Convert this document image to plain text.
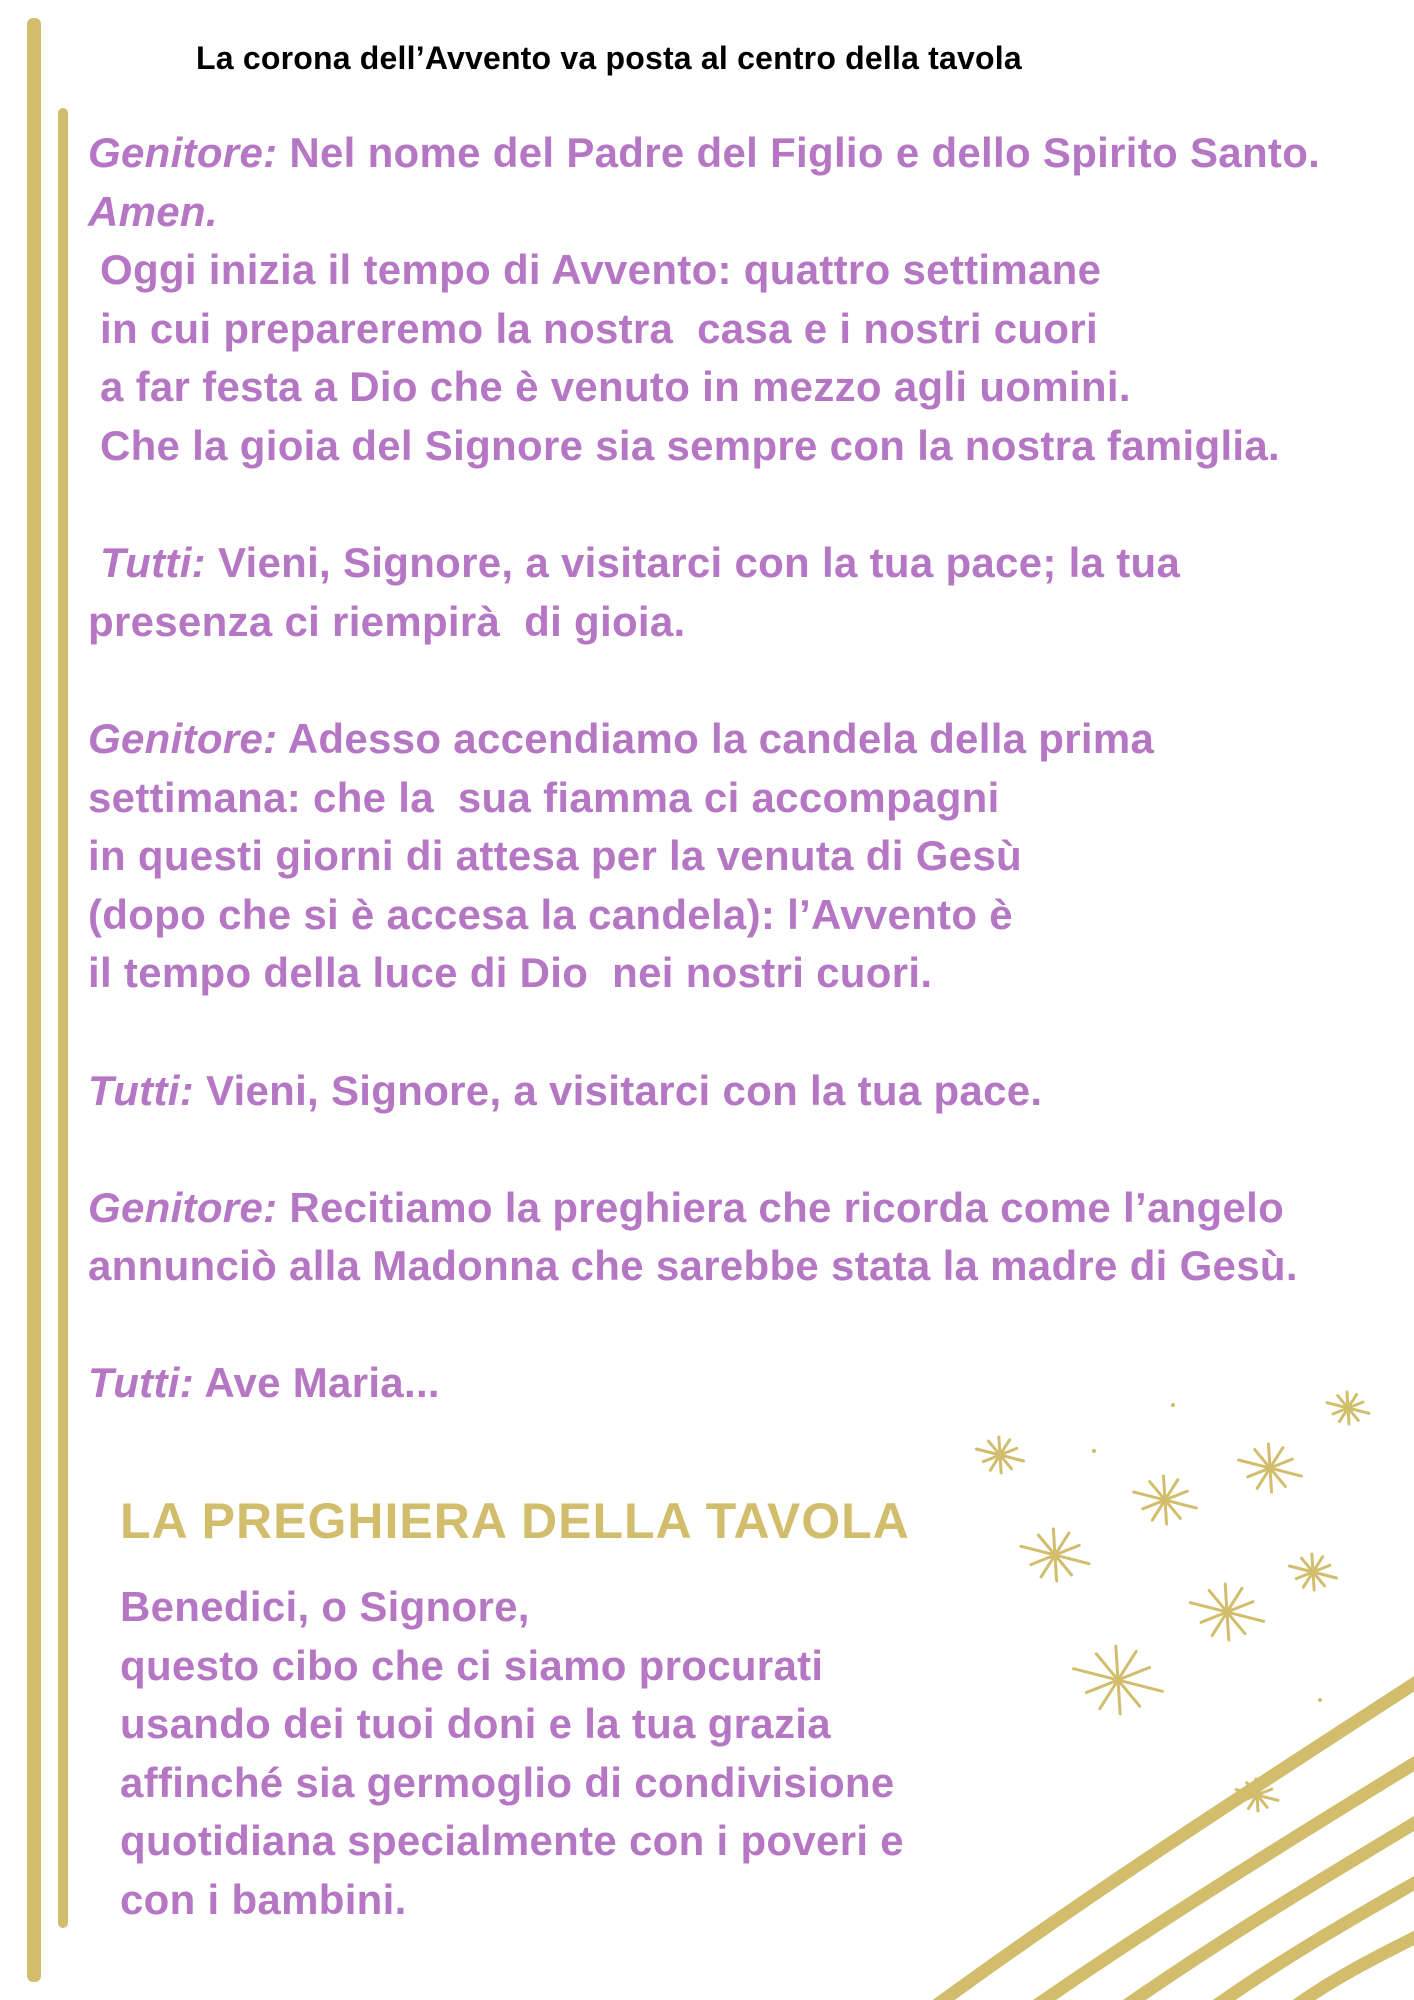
La corona dell’Avvento va posta al centro della tavola
Genitore: Nel nome del Padre del Figlio e dello Spirito Santo.
Amen.
Oggi inizia il tempo di Avvento: quattro settimane
in cui prepareremo la nostra  casa e i nostri cuori
a far festa a Dio che è venuto in mezzo agli uomini.
Che la gioia del Signore sia sempre con la nostra famiglia.
Tutti: Vieni, Signore, a visitarci con la tua pace; la tua
presenza ci riempirà  di gioia.
Genitore: Adesso accendiamo la candela della prima
settimana: che la  sua fiamma ci accompagni
in questi giorni di attesa per la venuta di Gesù
(dopo che si è accesa la candela): l’Avvento è
il tempo della luce di Dio  nei nostri cuori.
Tutti: Vieni, Signore, a visitarci con la tua pace.
Genitore: Recitiamo la preghiera che ricorda come l’angelo
annunciò alla Madonna che sarebbe stata la madre di Gesù.
Tutti: Ave Maria...
LA PREGHIERA DELLA TAVOLA
Benedici, o Signore,
questo cibo che ci siamo procurati
usando dei tuoi doni e la tua grazia
affinché sia germoglio di condivisione
quotidiana specialmente con i poveri e
con i bambini.
